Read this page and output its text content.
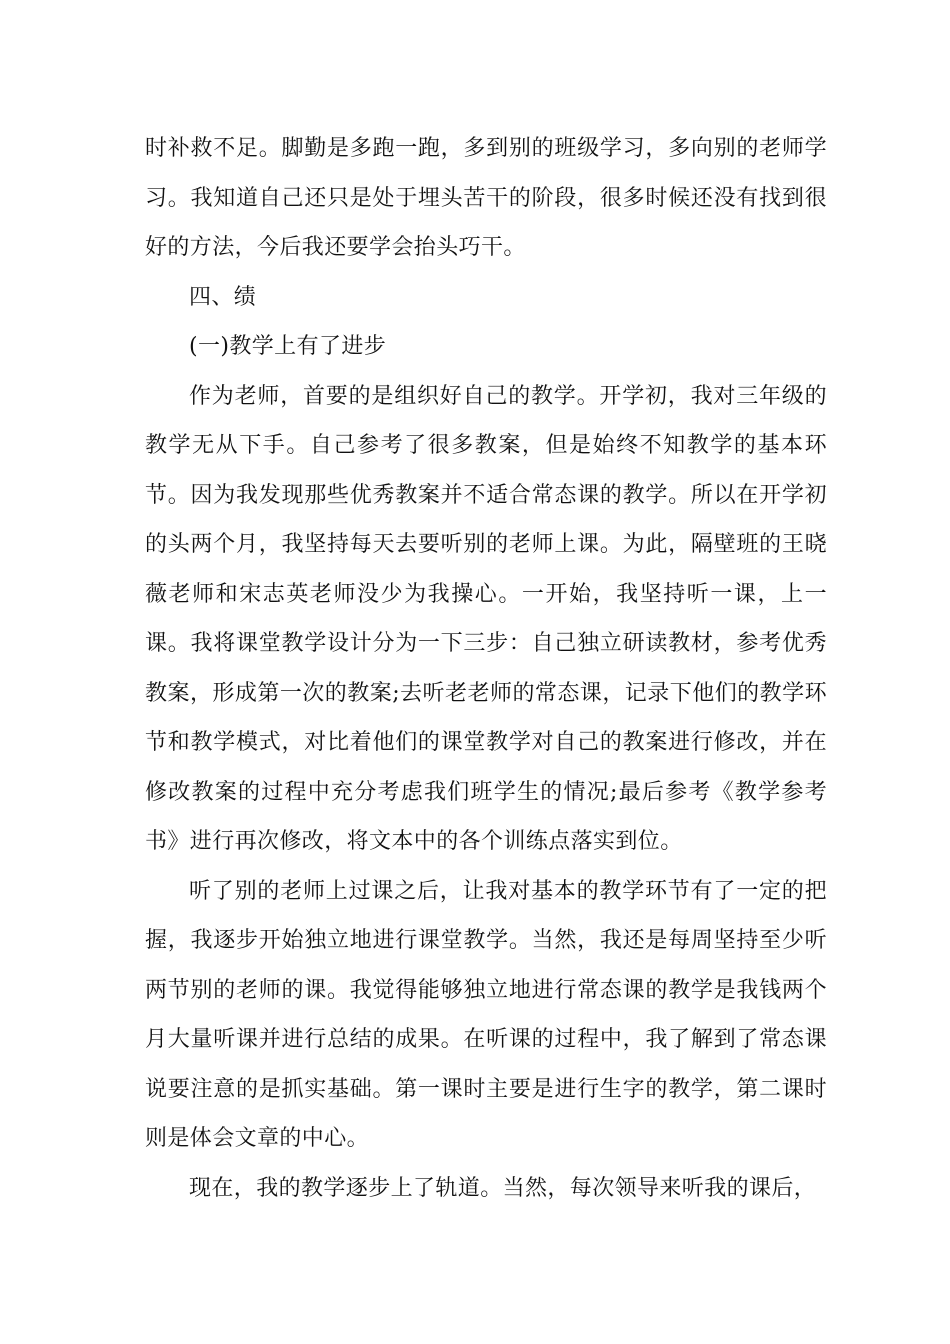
时补救不足。脚勤是多跑一跑，多到别的班级学习，多向别的老师学习。我知道自己还只是处于埋头苦干的阶段，很多时候还没有找到很好的方法，今后我还要学会抬头巧干。

四、绩

(一)教学上有了进步

作为老师，首要的是组织好自己的教学。开学初，我对三年级的教学无从下手。自己参考了很多教案，但是始终不知教学的基本环节。因为我发现那些优秀教案并不适合常态课的教学。所以在开学初的头两个月，我坚持每天去要听别的老师上课。为此，隔壁班的王晓薇老师和宋志英老师没少为我操心。一开始，我坚持听一课，上一课。我将课堂教学设计分为一下三步：自己独立研读教材，参考优秀教案，形成第一次的教案;去听老老师的常态课，记录下他们的教学环节和教学模式，对比着他们的课堂教学对自己的教案进行修改，并在修改教案的过程中充分考虑我们班学生的情况;最后参考《教学参考书》进行再次修改，将文本中的各个训练点落实到位。

听了别的老师上过课之后，让我对基本的教学环节有了一定的把握，我逐步开始独立地进行课堂教学。当然，我还是每周坚持至少听两节别的老师的课。我觉得能够独立地进行常态课的教学是我钱两个月大量听课并进行总结的成果。在听课的过程中，我了解到了常态课说要注意的是抓实基础。第一课时主要是进行生字的教学，第二课时则是体会文章的中心。

现在，我的教学逐步上了轨道。当然，每次领导来听我的课后，
